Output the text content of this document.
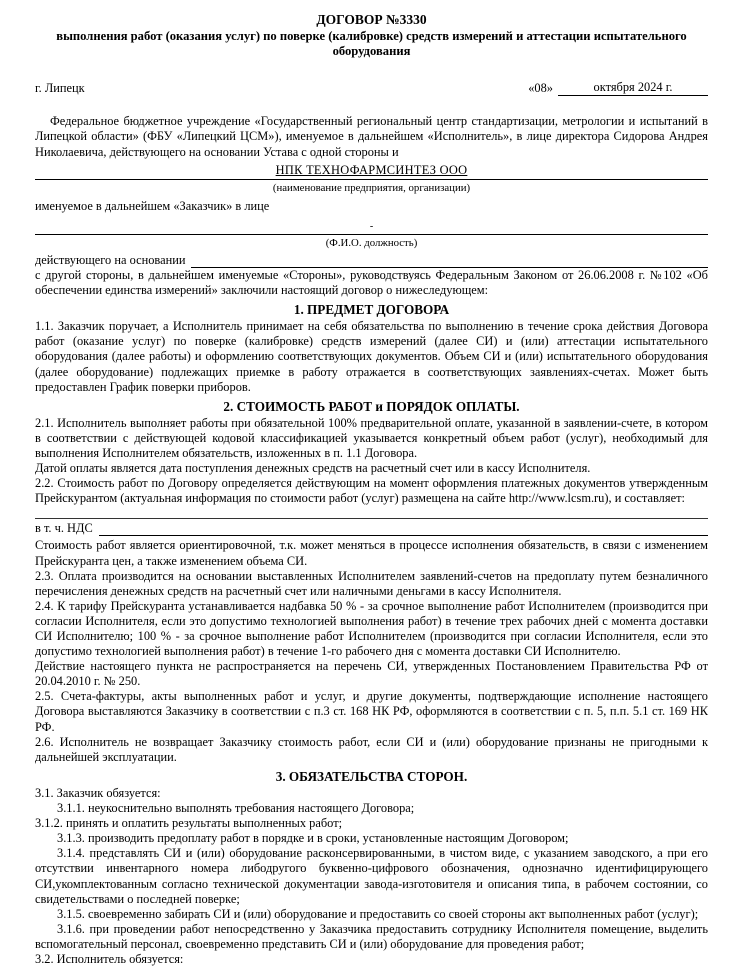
ДОГОВОР №3330
выполнения работ (оказания услуг) по поверке (калибровке) средств измерений и аттестации испытательного оборудования
г. Липецк	«08»	октября 2024 г.

Федеральное бюджетное учреждение «Государственный региональный центр стандартизации, метрологии и испытаний в Липецкой области» (ФБУ «Липецкий ЦСМ»), именуемое в дальнейшем «Исполнитель», в лице директора Сидорова Андрея Николаевича, действующего на основании Устава с одной стороны и

НПК ТЕХНОФАРМСИНТЕЗ ООО
(наименование предприятия, организации)

именуемое в дальнейшем «Заказчик» в лице

-
(Ф.И.О. должность)
действующего на основании

с другой стороны, в дальнейшем именуемые «Стороны», руководствуясь Федеральным Законом от 26.06.2008 г. №102 «Об обеспечении единства измерений» заключили настоящий договор о нижеследующем:

1. ПРЕДМЕТ ДОГОВОРА

1.1. Заказчик поручает, а Исполнитель принимает на себя обязательства по выполнению в течение срока действия Договора работ (оказание услуг) по поверке (калибровке) средств измерений (далее СИ) и (или) аттестации испытательного оборудования (далее работы) и оформлению соответствующих документов. Объем СИ и (или) испытательного оборудования (далее оборудование) подлежащих приемке в работу отражается в соответствующих заявлениях-счетах. Может быть предоставлен График поверки приборов.

2. СТОИМОСТЬ РАБОТ и ПОРЯДОК ОПЛАТЫ.

2.1. Исполнитель выполняет работы при обязательной 100% предварительной оплате, указанной в заявлении-счете, в котором в соответствии с действующей кодовой классификацией указывается конкретный объем работ (услуг), необходимый для выполнения Исполнителем обязательств, изложенных в п. 1.1 Договора.

Датой оплаты является дата поступления денежных средств на расчетный счет или в кассу Исполнителя.

2.2. Стоимость работ по Договору определяется действующим на момент оформления платежных документов утвержденным Прейскурантом (актуальная информация по стоимости работ (услуг) размещена на сайте http://www.lcsm.ru), и составляет:

в т. ч. НДС

Стоимость работ является ориентировочной, т.к. может меняться в процессе исполнения обязательств, в связи с изменением Прейскуранта цен, а также изменением объема СИ.

2.3. Оплата производится на основании выставленных Исполнителем заявлений-счетов на предоплату путем безналичного перечисления денежных средств на расчетный счет или наличными деньгами в кассу Исполнителя.

2.4. К тарифу Прейскуранта устанавливается надбавка 50 % - за срочное выполнение работ Исполнителем (производится при согласии Исполнителя, если это допустимо технологией выполнения работ) в течение трех рабочих дней с момента доставки СИ Исполнителю; 100 % - за срочное выполнение работ Исполнителем (производится при согласии Исполнителя, если это допустимо технологией выполнения работ) в течение 1-го рабочего дня с момента доставки СИ Исполнителю.

Действие настоящего пункта не распространяется на перечень СИ, утвержденных Постановлением Правительства РФ от 20.04.2010 г. № 250.

2.5. Счета-фактуры, акты выполненных работ и услуг, и другие документы, подтверждающие исполнение настоящего Договора выставляются Заказчику в соответствии с п.3 ст. 168 НК РФ, оформляются в соответствии с п. 5, п.п. 5.1 ст. 169 НК РФ.

2.6. Исполнитель не возвращает Заказчику стоимость работ, если СИ и (или) оборудование признаны не пригодными к дальнейшей эксплуатации.

3. ОБЯЗАТЕЛЬСТВА СТОРОН.

3.1. Заказчик обязуется:

3.1.1. неукоснительно выполнять требования настоящего Договора;

3.1.2. принять и оплатить результаты выполненных работ;

3.1.3. производить предоплату работ в порядке и в сроки, установленные настоящим Договором;

3.1.4. представлять СИ и (или) оборудование расконсервированными, в чистом виде, с указанием заводского, а при его отсутствии инвентарного номера либодругого буквенно-цифрового обозначения, однозначно идентифицирующего СИ,укомплектованным согласно технической документации завода-изготовителя и описания типа, в рабочем состоянии, со свидетельствами о последней поверке;

3.1.5. своевременно забирать СИ и (или) оборудование и предоставить со своей стороны акт выполненных работ (услуг);

3.1.6. при проведении работ непосредственно у Заказчика предоставить сотруднику Исполнителя помещение, выделить вспомогательный персонал, своевременно представить СИ и (или) оборудование для проведения работ;

3.2. Исполнитель обязуется:
